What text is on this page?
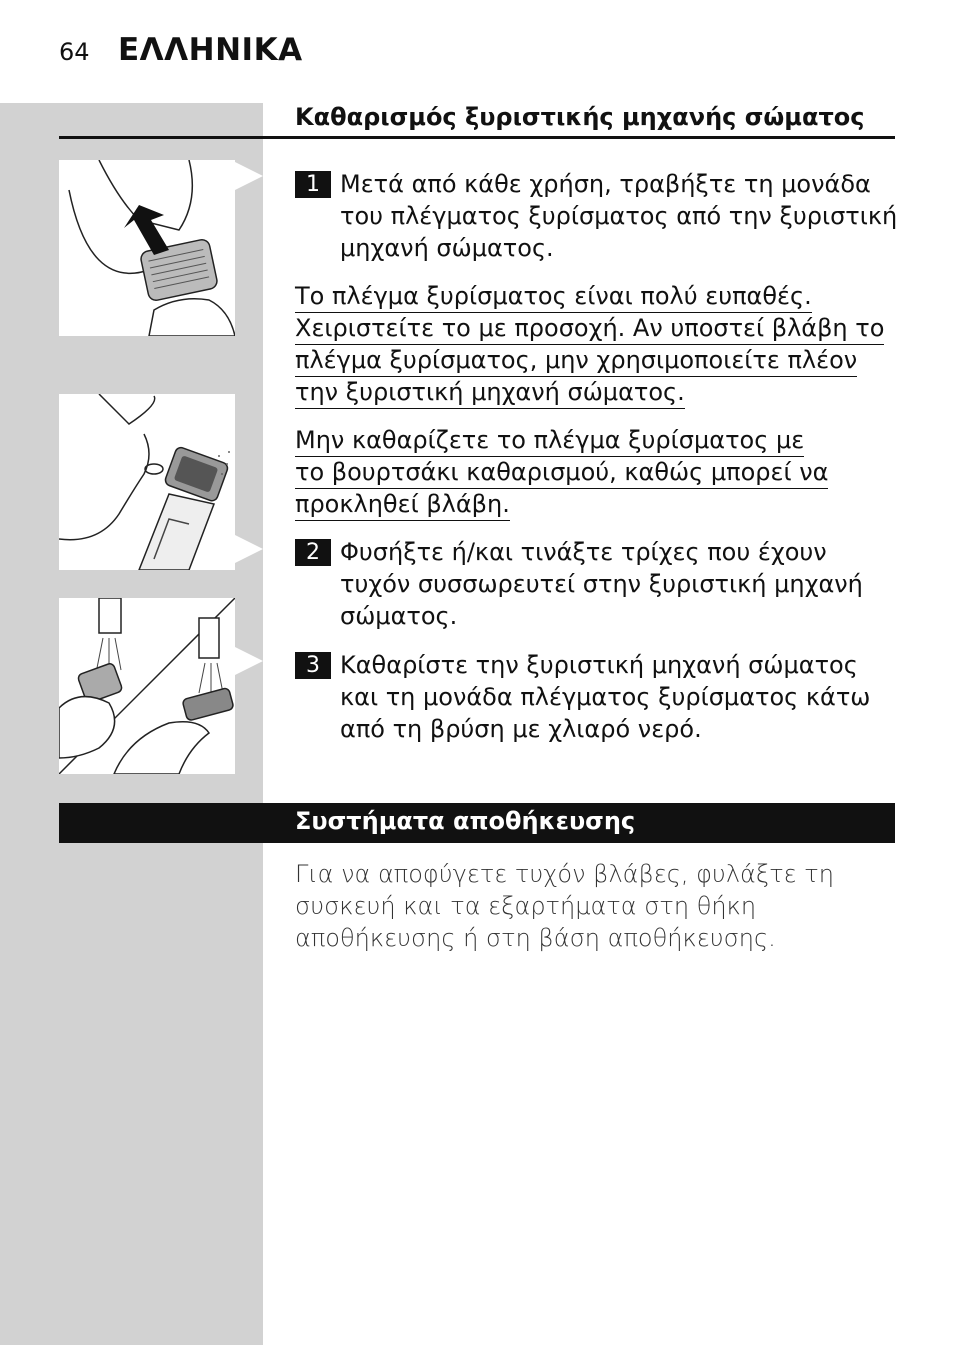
64 ΕΛΛΗΝΙΚΑ
Καθαρισμός ξυριστικής μηχανής σώματος
1 Μετά από κάθε χρήση, τραβήξτε τη μονάδα του πλέγματος ξυρίσματος από την ξυριστική μηχανή σώματος.
Το πλέγμα ξυρίσματος είναι πολύ ευπαθές.
Χειριστείτε το με προσοχή. Αν υποστεί βλάβη το
πλέγμα ξυρίσματος, μην χρησιμοποιείτε πλέον
την ξυριστική μηχανή σώματος.
Μην καθαρίζετε το πλέγμα ξυρίσματος με
το βουρτσάκι καθαρισμού, καθώς μπορεί να
προκληθεί βλάβη.
2 Φυσήξτε ή/και τινάξτε τρίχες που έχουν τυχόν συσσωρευτεί στην ξυριστική μηχανή σώματος.
3 Καθαρίστε την ξυριστική μηχανή σώματος και τη μονάδα πλέγματος ξυρίσματος κάτω από τη βρύση με χλιαρό νερό.
Συστήματα αποθήκευσης
Για να αποφύγετε τυχόν βλάβες, φυλάξτε τη συσκευή και τα εξαρτήματα στη θήκη αποθήκευσης ή στη βάση αποθήκευσης.
